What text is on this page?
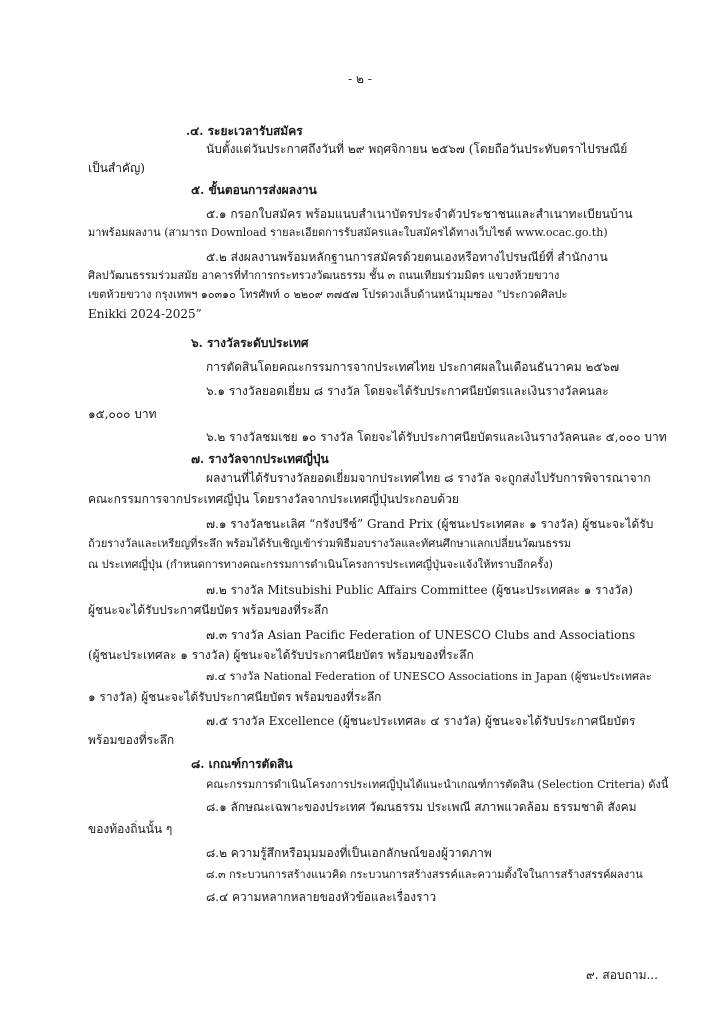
- ๒ -
.๔. ระยะเวลารับสมัคร
นับตั้งแต่วันประกาศถึงวันที่ ๒๙ พฤศจิกายน ๒๕๖๗ (โดยถือวันประทับตราไปรษณีย์
เป็นสำคัญ)
๕. ขั้นตอนการส่งผลงาน
๕.๑ กรอกใบสมัคร พร้อมแนบสำเนาบัตรประจำตัวประชาชนและสำเนาทะเบียนบ้าน
มาพร้อมผลงาน (สามารถ Download รายละเอียดการรับสมัครและใบสมัครได้ทางเว็บไซต์ www.ocac.go.th)
๕.๒ ส่งผลงานพร้อมหลักฐานการสมัครด้วยตนเองหรือทางไปรษณีย์ที่ สำนักงาน
ศิลปวัฒนธรรมร่วมสมัย อาคารที่ทำการกระทรวงวัฒนธรรม ชั้น ๓ ถนนเทียมร่วมมิตร แขวงห้วยขวาง
เขตห้วยขวาง กรุงเทพฯ ๑๐๓๑๐ โทรศัพท์ ๐ ๒๒๐๙ ๓๗๕๗ โปรดวงเล็บด้านหน้ามุมซอง “ประกวดศิลปะ
Enikki 2024-2025”
๖. รางวัลระดับประเทศ
การตัดสินโดยคณะกรรมการจากประเทศไทย ประกาศผลในเดือนธันวาคม ๒๕๖๗
๖.๑ รางวัลยอดเยี่ยม ๘ รางวัล โดยจะได้รับประกาศนียบัตรและเงินรางวัลคนละ
๑๕,๐๐๐ บาท
๖.๒ รางวัลชมเชย ๑๐ รางวัล โดยจะได้รับประกาศนียบัตรและเงินรางวัลคนละ ๕,๐๐๐ บาท
๗. รางวัลจากประเทศญี่ปุ่น
ผลงานที่ได้รับรางวัลยอดเยี่ยมจากประเทศไทย ๘ รางวัล จะถูกส่งไปรับการพิจารณาจาก
คณะกรรมการจากประเทศญี่ปุ่น โดยรางวัลจากประเทศญี่ปุ่นประกอบด้วย
๗.๑ รางวัลชนะเลิศ “กรังปรีซ์” Grand Prix (ผู้ชนะประเทศละ ๑ รางวัล) ผู้ชนะจะได้รับ
ถ้วยรางวัลและเหรียญที่ระลึก พร้อมได้รับเชิญเข้าร่วมพิธีมอบรางวัลและทัศนศึกษาแลกเปลี่ยนวัฒนธรรม
ณ ประเทศญี่ปุ่น (กำหนดการทางคณะกรรมการดำเนินโครงการประเทศญี่ปุ่นจะแจ้งให้ทราบอีกครั้ง)
๗.๒ รางวัล Mitsubishi Public Affairs Committee (ผู้ชนะประเทศละ ๑ รางวัล)
ผู้ชนะจะได้รับประกาศนียบัตร พร้อมของที่ระลึก
๗.๓ รางวัล Asian Pacific Federation of UNESCO Clubs and Associations
(ผู้ชนะประเทศละ ๑ รางวัล) ผู้ชนะจะได้รับประกาศนียบัตร พร้อมของที่ระลึก
๗.๔ รางวัล National Federation of UNESCO Associations in Japan (ผู้ชนะประเทศละ
๑ รางวัล) ผู้ชนะจะได้รับประกาศนียบัตร พร้อมของที่ระลึก
๗.๕ รางวัล Excellence (ผู้ชนะประเทศละ ๔ รางวัล) ผู้ชนะจะได้รับประกาศนียบัตร
พร้อมของที่ระลึก
๘. เกณฑ์การตัดสิน
คณะกรรมการดำเนินโครงการประเทศญี่ปุ่นได้แนะนำเกณฑ์การตัดสิน (Selection Criteria) ดังนี้
๘.๑ ลักษณะเฉพาะของประเทศ วัฒนธรรม ประเพณี สภาพแวดล้อม ธรรมชาติ สังคม
ของท้องถิ่นนั้น ๆ
๘.๒ ความรู้สึกหรือมุมมองที่เป็นเอกลักษณ์ของผู้วาดภาพ
๘.๓ กระบวนการสร้างแนวคิด กระบวนการสร้างสรรค์และความตั้งใจในการสร้างสรรค์ผลงาน
๘.๔ ความหลากหลายของหัวข้อและเรื่องราว
๙. สอบถาม...
